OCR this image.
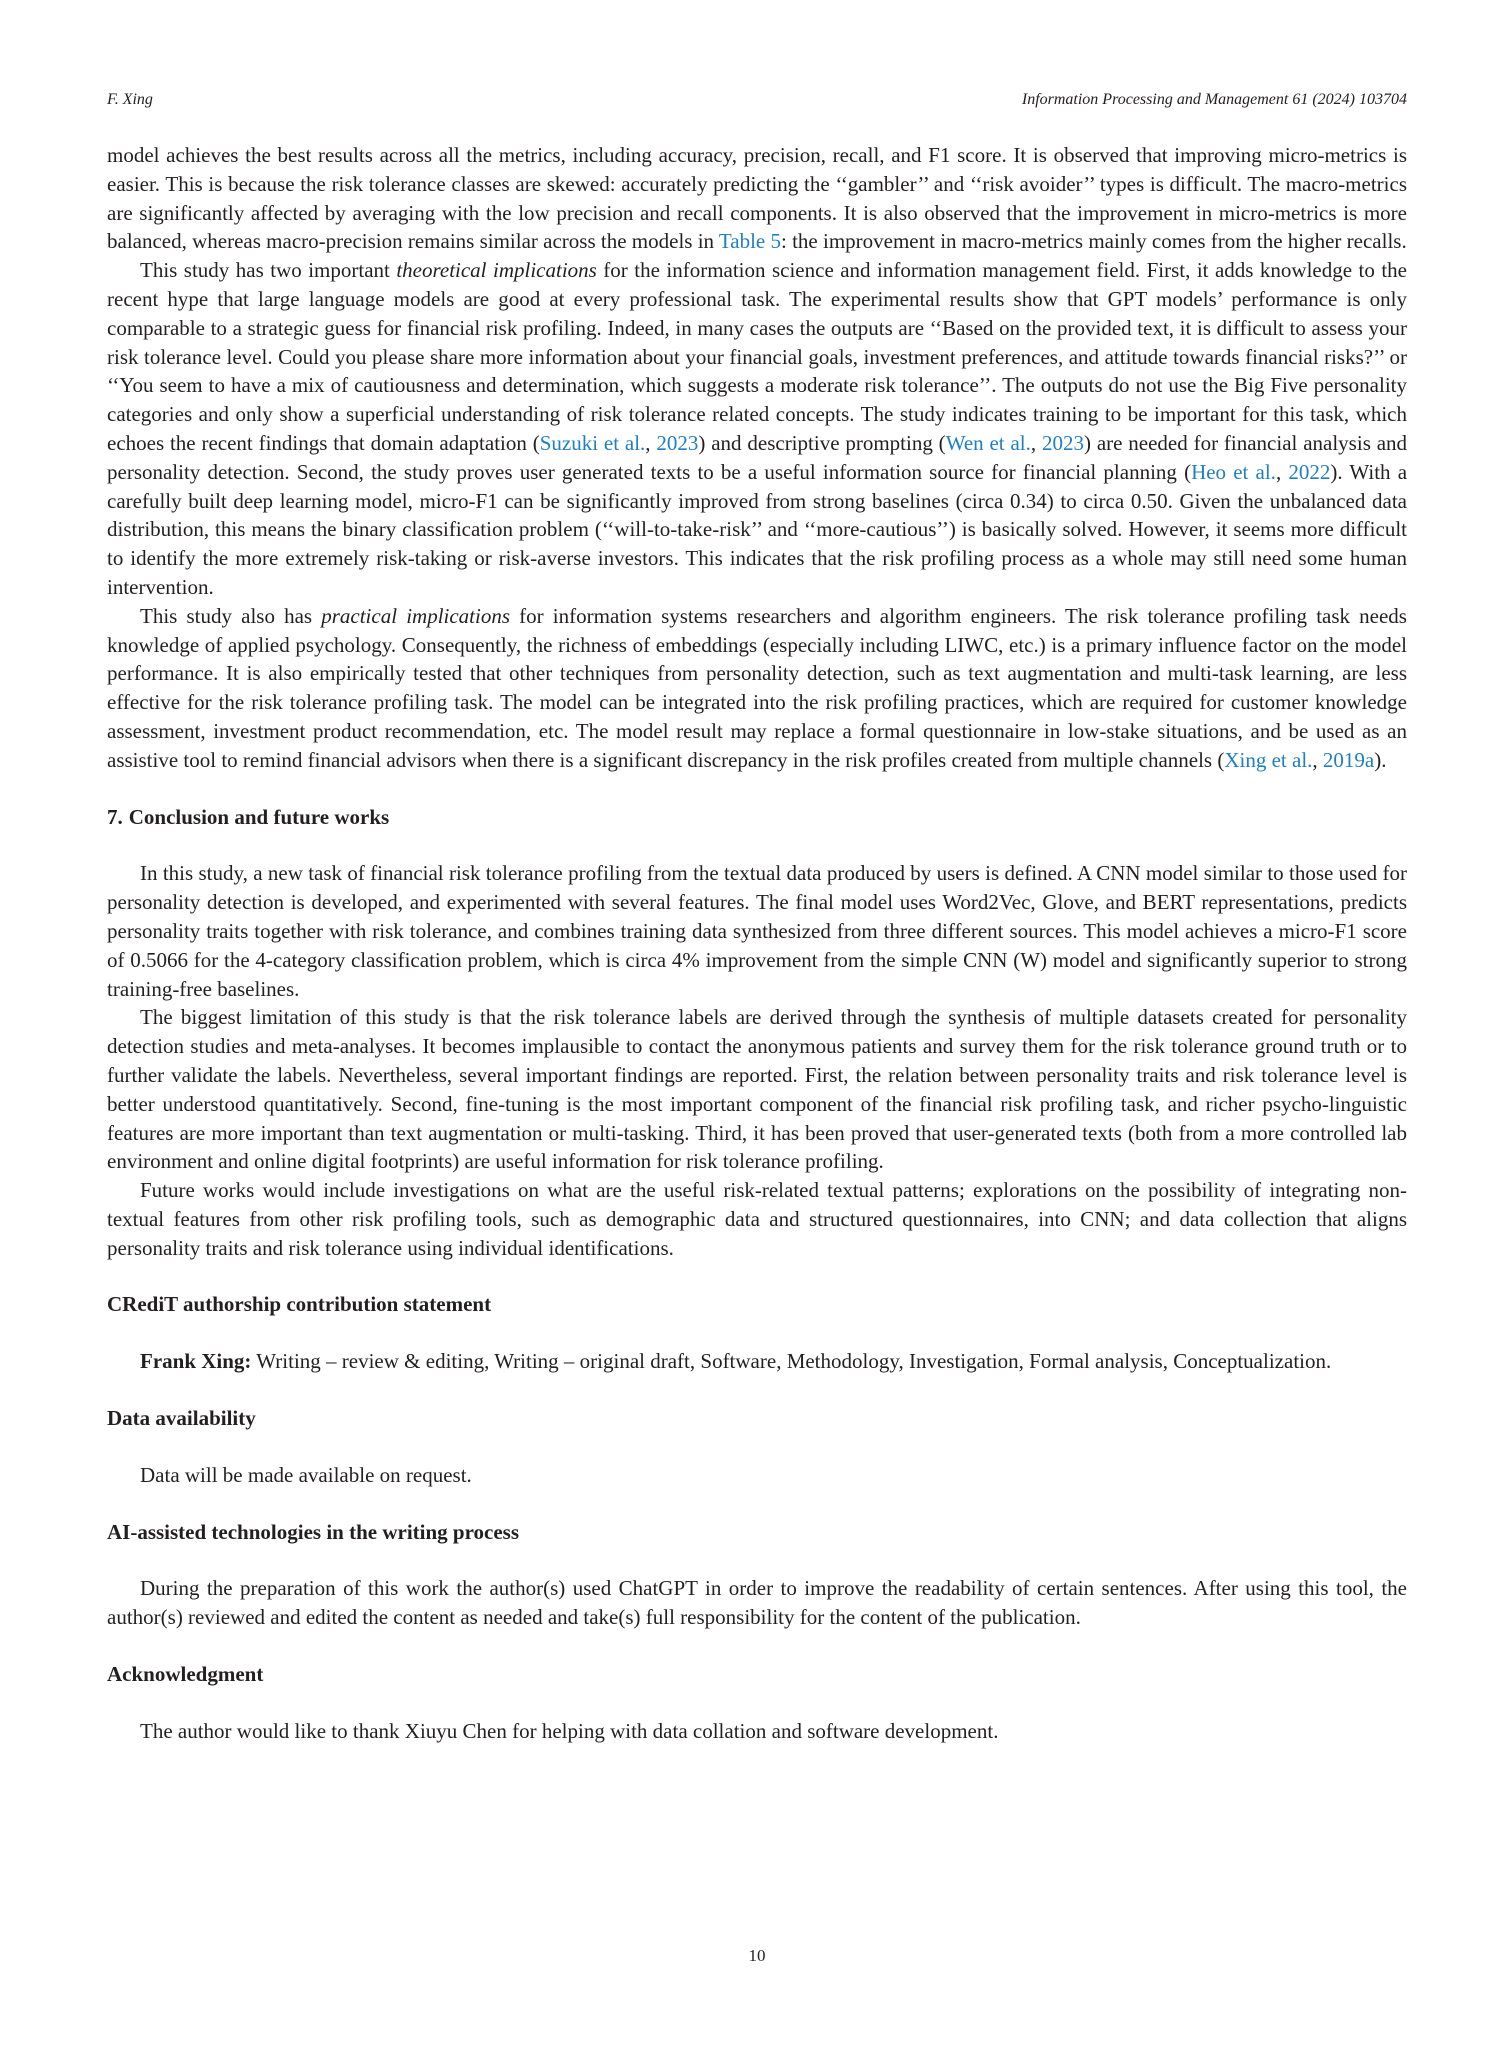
F. Xing	Information Processing and Management 61 (2024) 103704

model achieves the best results across all the metrics, including accuracy, precision, recall, and F1 score. It is observed that improving micro-metrics is easier. This is because the risk tolerance classes are skewed: accurately predicting the ‘‘gambler’’ and ‘‘risk avoider’’ types is difficult. The macro-metrics are significantly affected by averaging with the low precision and recall components. It is also observed that the improvement in micro-metrics is more balanced, whereas macro-precision remains similar across the models in Table 5: the improvement in macro-metrics mainly comes from the higher recalls.

This study has two important theoretical implications for the information science and information management field. First, it adds knowledge to the recent hype that large language models are good at every professional task. The experimental results show that GPT models’ performance is only comparable to a strategic guess for financial risk profiling. Indeed, in many cases the outputs are ‘‘Based on the provided text, it is difficult to assess your risk tolerance level. Could you please share more information about your financial goals, investment preferences, and attitude towards financial risks?’’ or ‘‘You seem to have a mix of cautiousness and determination, which suggests a moderate risk tolerance’’. The outputs do not use the Big Five personality categories and only show a superficial understanding of risk tolerance related concepts. The study indicates training to be important for this task, which echoes the recent findings that domain adaptation (Suzuki et al., 2023) and descriptive prompting (Wen et al., 2023) are needed for financial analysis and personality detection. Second, the study proves user generated texts to be a useful information source for financial planning (Heo et al., 2022). With a carefully built deep learning model, micro-F1 can be significantly improved from strong baselines (circa 0.34) to circa 0.50. Given the unbalanced data distribution, this means the binary classification problem (‘‘will-to-take-risk’’ and ‘‘more-cautious’’) is basically solved. However, it seems more difficult to identify the more extremely risk-taking or risk-averse investors. This indicates that the risk profiling process as a whole may still need some human intervention.

This study also has practical implications for information systems researchers and algorithm engineers. The risk tolerance profiling task needs knowledge of applied psychology. Consequently, the richness of embeddings (especially including LIWC, etc.) is a primary influence factor on the model performance. It is also empirically tested that other techniques from personality detection, such as text augmentation and multi-task learning, are less effective for the risk tolerance profiling task. The model can be integrated into the risk profiling practices, which are required for customer knowledge assessment, investment product recommendation, etc. The model result may replace a formal questionnaire in low-stake situations, and be used as an assistive tool to remind financial advisors when there is a significant discrepancy in the risk profiles created from multiple channels (Xing et al., 2019a).

7. Conclusion and future works

In this study, a new task of financial risk tolerance profiling from the textual data produced by users is defined. A CNN model similar to those used for personality detection is developed, and experimented with several features. The final model uses Word2Vec, Glove, and BERT representations, predicts personality traits together with risk tolerance, and combines training data synthesized from three different sources. This model achieves a micro-F1 score of 0.5066 for the 4-category classification problem, which is circa 4% improvement from the simple CNN (W) model and significantly superior to strong training-free baselines.

The biggest limitation of this study is that the risk tolerance labels are derived through the synthesis of multiple datasets created for personality detection studies and meta-analyses. It becomes implausible to contact the anonymous patients and survey them for the risk tolerance ground truth or to further validate the labels. Nevertheless, several important findings are reported. First, the relation between personality traits and risk tolerance level is better understood quantitatively. Second, fine-tuning is the most important component of the financial risk profiling task, and richer psycho-linguistic features are more important than text augmentation or multi-tasking. Third, it has been proved that user-generated texts (both from a more controlled lab environment and online digital footprints) are useful information for risk tolerance profiling.

Future works would include investigations on what are the useful risk-related textual patterns; explorations on the possibility of integrating non-textual features from other risk profiling tools, such as demographic data and structured questionnaires, into CNN; and data collection that aligns personality traits and risk tolerance using individual identifications.

CRediT authorship contribution statement

Frank Xing: Writing – review & editing, Writing – original draft, Software, Methodology, Investigation, Formal analysis, Conceptualization.

Data availability

Data will be made available on request.

AI-assisted technologies in the writing process

During the preparation of this work the author(s) used ChatGPT in order to improve the readability of certain sentences. After using this tool, the author(s) reviewed and edited the content as needed and take(s) full responsibility for the content of the publication.

Acknowledgment

The author would like to thank Xiuyu Chen for helping with data collation and software development.

10
